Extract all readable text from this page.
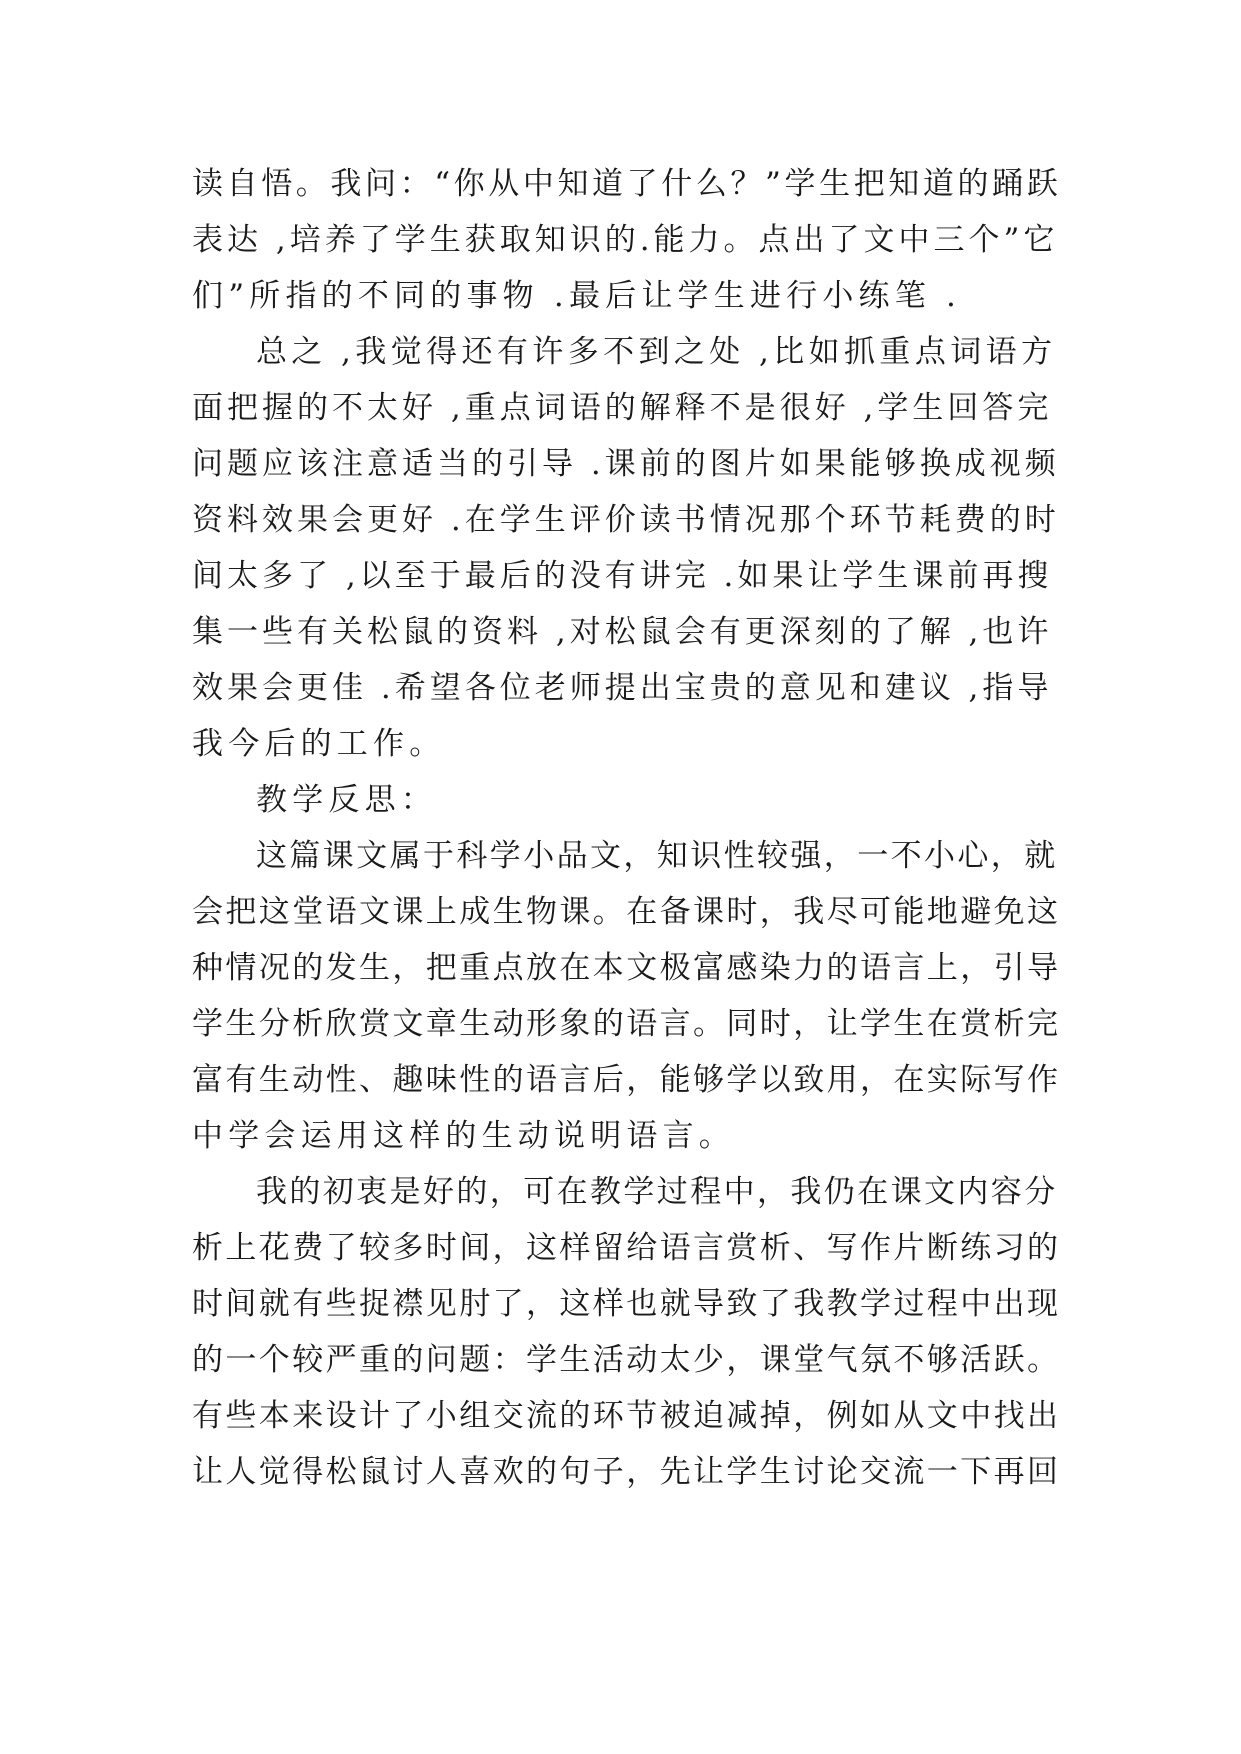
读自悟。我问：“你从中知道了什么？”学生把知道的踊跃
表达 ,培养了学生获取知识的.能力。点出了文中三个”它
们”所指的不同的事物 .最后让学生进行小练笔 .
总之 ,我觉得还有许多不到之处 ,比如抓重点词语方
面把握的不太好 ,重点词语的解释不是很好 ,学生回答完
问题应该注意适当的引导 .课前的图片如果能够换成视频
资料效果会更好 .在学生评价读书情况那个环节耗费的时
间太多了 ,以至于最后的没有讲完 .如果让学生课前再搜
集一些有关松鼠的资料 ,对松鼠会有更深刻的了解 ,也许
效果会更佳 .希望各位老师提出宝贵的意见和建议 ,指导
我今后的工作。
教学反思：
这篇课文属于科学小品文，知识性较强，一不小心，就
会把这堂语文课上成生物课。在备课时，我尽可能地避免这
种情况的发生，把重点放在本文极富感染力的语言上，引导
学生分析欣赏文章生动形象的语言。同时，让学生在赏析完
富有生动性、趣味性的语言后，能够学以致用，在实际写作
中学会运用这样的生动说明语言。
我的初衷是好的，可在教学过程中，我仍在课文内容分
析上花费了较多时间，这样留给语言赏析、写作片断练习的
时间就有些捉襟见肘了，这样也就导致了我教学过程中出现
的一个较严重的问题：学生活动太少，课堂气氛不够活跃。
有些本来设计了小组交流的环节被迫减掉，例如从文中找出
让人觉得松鼠讨人喜欢的句子，先让学生讨论交流一下再回
